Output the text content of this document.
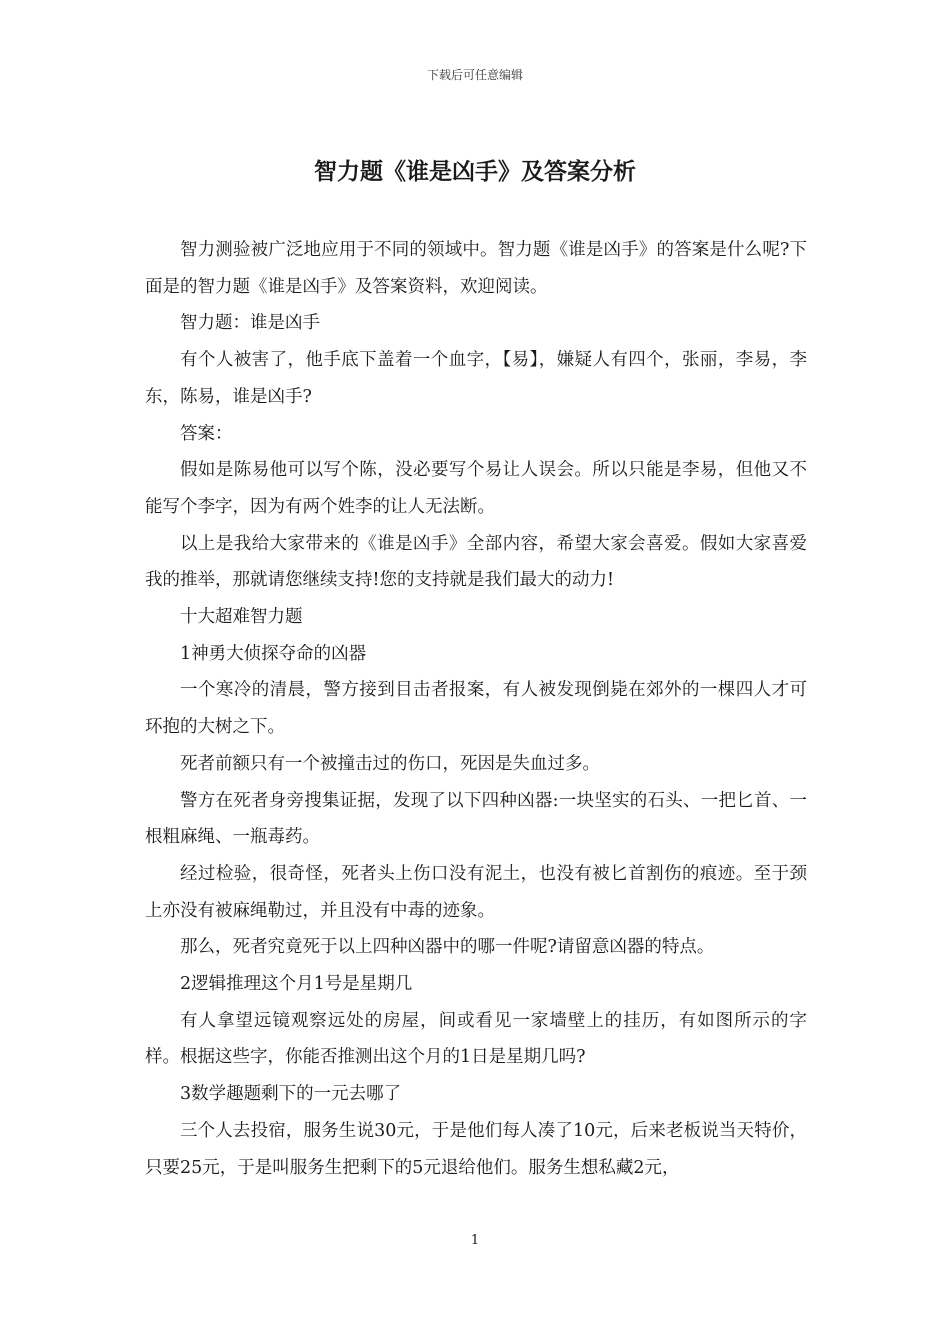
下载后可任意编辑
智力题《谁是凶手》及答案分析

智力测验被广泛地应用于不同的领域中。智力题《谁是凶手》的答案是什么呢?下面是的智力题《谁是凶手》及答案资料，欢迎阅读。

智力题：谁是凶手

有个人被害了，他手底下盖着一个血字，【易】，嫌疑人有四个，张丽，李易，李东，陈易，谁是凶手?

答案：

假如是陈易他可以写个陈，没必要写个易让人误会。所以只能是李易，但他又不能写个李字，因为有两个姓李的让人无法断。

以上是我给大家带来的《谁是凶手》全部内容，希望大家会喜爱。假如大家喜爱我的推举，那就请您继续支持!您的支持就是我们最大的动力!

十大超难智力题

1神勇大侦探夺命的凶器

一个寒冷的清晨，警方接到目击者报案，有人被发现倒毙在郊外的一棵四人才可环抱的大树之下。

死者前额只有一个被撞击过的伤口，死因是失血过多。

警方在死者身旁搜集证据，发现了以下四种凶器:一块坚实的石头、一把匕首、一根粗麻绳、一瓶毒药。

经过检验，很奇怪，死者头上伤口没有泥土，也没有被匕首割伤的痕迹。至于颈上亦没有被麻绳勒过，并且没有中毒的迹象。

那么，死者究竟死于以上四种凶器中的哪一件呢?请留意凶器的特点。

2逻辑推理这个月1号是星期几

有人拿望远镜观察远处的房屋，间或看见一家墙壁上的挂历，有如图所示的字样。根据这些字，你能否推测出这个月的1日是星期几吗?

3数学趣题剩下的一元去哪了

三个人去投宿，服务生说30元，于是他们每人凑了10元，后来老板说当天特价，只要25元，于是叫服务生把剩下的5元退给他们。服务生想私藏2元，

1
